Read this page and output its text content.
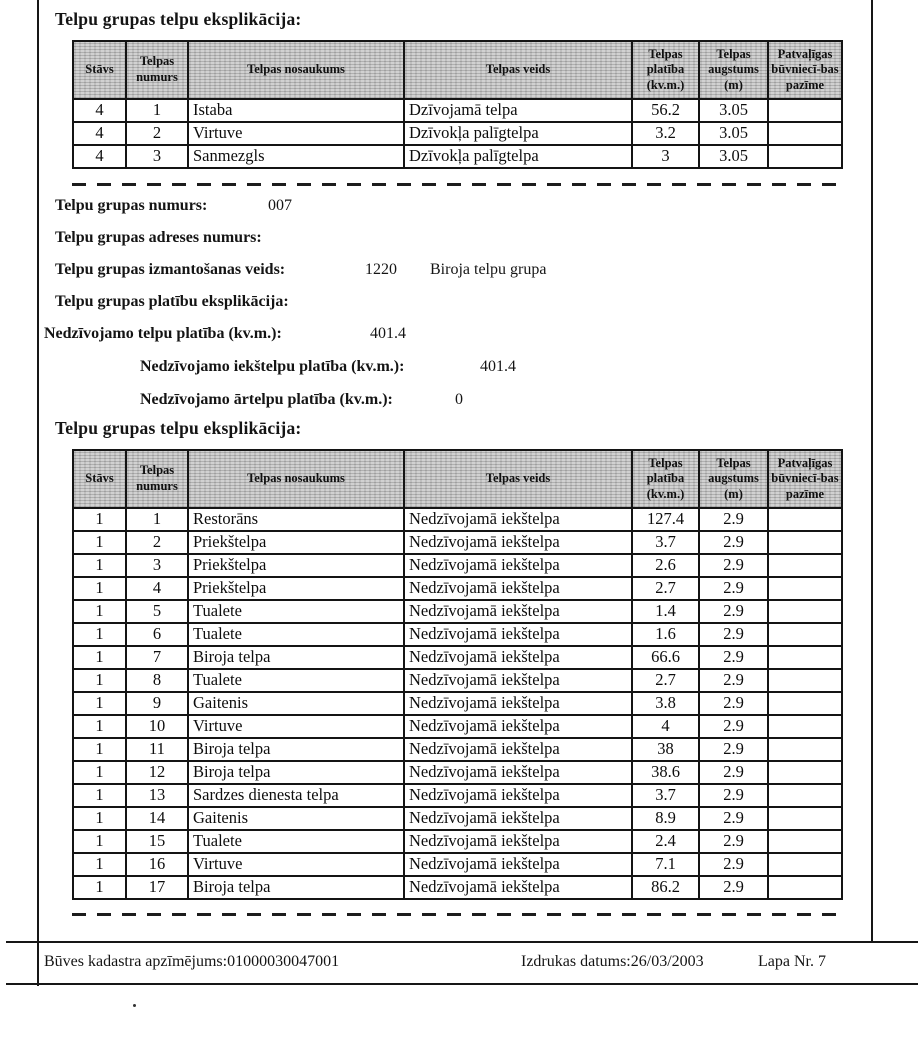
Telpu grupas telpu eksplikācija:
Stāvs	Telpas numurs	Telpas nosaukums	Telpas veids	Telpas platība (kv.m.)	Telpas augstums (m)	Patvaļīgas būvniecī-bas pazīme
4	1	Istaba	Dzīvojamā telpa	56.2	3.05	
4	2	Virtuve	Dzīvokļa palīgtelpa	3.2	3.05	
4	3	Sanmezgls	Dzīvokļa palīgtelpa	3	3.05	
Telpu grupas numurs:	007
Telpu grupas adreses numurs:
Telpu grupas izmantošanas veids:	1220 Biroja telpu grupa
Telpu grupas platību eksplikācija:
Nedzīvojamo telpu platība (kv.m.):	401.4
Nedzīvojamo iekštelpu platība (kv.m.):	401.4
Nedzīvojamo ārtelpu platība (kv.m.):	0
Telpu grupas telpu eksplikācija:
Stāvs	Telpas numurs	Telpas nosaukums	Telpas veids	Telpas platība (kv.m.)	Telpas augstums (m)	Patvaļīgas būvniecī-bas pazīme
1	1	Restorāns	Nedzīvojamā iekštelpa	127.4	2.9	
1	2	Priekštelpa	Nedzīvojamā iekštelpa	3.7	2.9	
1	3	Priekštelpa	Nedzīvojamā iekštelpa	2.6	2.9	
1	4	Priekštelpa	Nedzīvojamā iekštelpa	2.7	2.9	
1	5	Tualete	Nedzīvojamā iekštelpa	1.4	2.9	
1	6	Tualete	Nedzīvojamā iekštelpa	1.6	2.9	
1	7	Biroja telpa	Nedzīvojamā iekštelpa	66.6	2.9	
1	8	Tualete	Nedzīvojamā iekštelpa	2.7	2.9	
1	9	Gaitenis	Nedzīvojamā iekštelpa	3.8	2.9	
1	10	Virtuve	Nedzīvojamā iekštelpa	4	2.9	
1	11	Biroja telpa	Nedzīvojamā iekštelpa	38	2.9	
1	12	Biroja telpa	Nedzīvojamā iekštelpa	38.6	2.9	
1	13	Sardzes dienesta telpa	Nedzīvojamā iekštelpa	3.7	2.9	
1	14	Gaitenis	Nedzīvojamā iekštelpa	8.9	2.9	
1	15	Tualete	Nedzīvojamā iekštelpa	2.4	2.9	
1	16	Virtuve	Nedzīvojamā iekštelpa	7.1	2.9	
1	17	Biroja telpa	Nedzīvojamā iekštelpa	86.2	2.9	
Būves kadastra apzīmējums:01000030047001	Izdrukas datums:26/03/2003	Lapa Nr. 7
